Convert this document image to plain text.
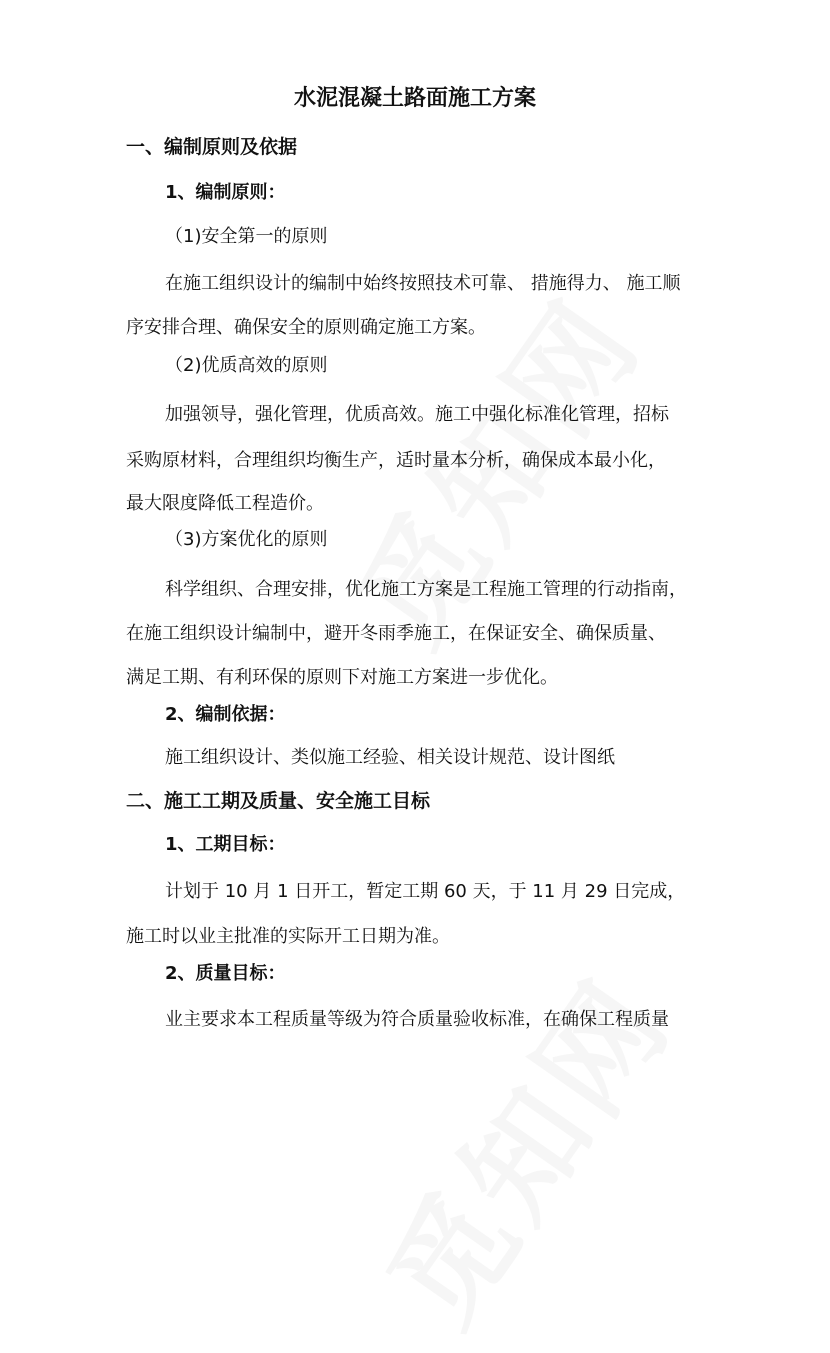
水泥混凝土路面施工方案
一、编制原则及依据
1、编制原则：
（1)安全第一的原则
在施工组织设计的编制中始终按照技术可靠、 措施得力、 施工顺
序安排合理、确保安全的原则确定施工方案。
（2)优质高效的原则
加强领导，强化管理，优质高效。施工中强化标准化管理，招标
采购原材料，合理组织均衡生产，适时量本分析，确保成本最小化，
最大限度降低工程造价。
（3)方案优化的原则
科学组织、合理安排，优化施工方案是工程施工管理的行动指南，
在施工组织设计编制中，避开冬雨季施工，在保证安全、确保质量、
满足工期、有利环保的原则下对施工方案进一步优化。
2、编制依据：
施工组织设计、类似施工经验、相关设计规范、设计图纸
二、施工工期及质量、安全施工目标
1、工期目标：
计划于 10 月 1 日开工，暂定工期 60 天，于 11 月 29 日完成，
施工时以业主批准的实际开工日期为准。
2、质量目标：
业主要求本工程质量等级为符合质量验收标准，在确保工程质量
